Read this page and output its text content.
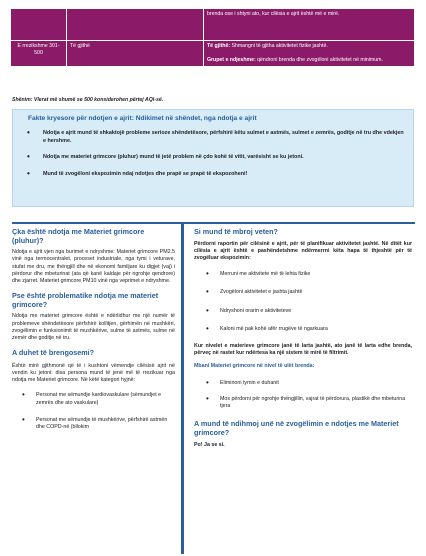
		brenda ose i shtyni ato, kur cilësia e ajrit është më e mirë.
E rrezikshme 301-500	Të gjithë	Të gjithë: Shmangni të gjitha aktivitetet fizike jashtë.
Grupet e ndjeshme: qëndroni brenda dhe zvogëloni aktivitetet në minimum.
Shënim: Vlerat më shumë se 500 konsiderohen përtej AQI-së.
Fakte kryesore për ndotjen e ajrit: Ndikimet në shëndet, nga ndotja e ajrit
• Ndotja e ajrit mund të shkaktojë probleme serioze shëndetësore, përfshirë këtu sulmet e astmës, sulmet e zemrës, goditje në tru dhe vdekjen e hershme.
• Ndotja me materiet grimcore (pluhur) mund të jetë problem në çdo kohë të vitit, varësisht se ku jetoni.
• Mund të zvogëloni ekspozimin ndaj ndotjes dhe prapë se prapë të ekspozoheni!
Çka është ndotja me Materiet grimcore (pluhur)?

Ndotja e ajrit vjen nga burimet e ndryshme: Materiet grimcore PM2.5 vinë nga termocentralet, proceset industriale, nga tymi i veturave, stufat me dru, me thëngjill dhe në ekonomi familjare ku digjet (vaj) i përdorur dhe mbeturinat (ata që kanë kaldaje për ngrohje qendrore) dhe zjarret. Materiet grimcore PM10 vinë nga veprimet e ndryshme.

Pse është problematike ndotja me materiet grimcore?

Ndotja me materiet grimcore është e ndërlidhur me një numër të problemeve shëndetësore përfshirë kollitjen, gërhimën në mushkëri, zvogëlimin e funksionimit të mushkërive, sulme të astmës, sulme në zemër dhe goditje në tru.

A duhet të brengosemi?

Është mirë gjithmonë që të i kushtoni vëmendje cilësisë ajrit në vendin ku jetoni: disa persona mund të jenë më të rrezikuar nga ndotja me Materiet grimcore. Në këtë kategori hyjnë:

• Personat me sëmundje kardiovaskulare (sëmundjet e zemrës dhe ato vaskulare)
• Personat me sëmundje të mushkërive, përfshirë astmën dhe COPD-në (bllokim
Si mund të mbroj veten?

Përdorni raportin për cilësinë e ajrit, për të planifikuar aktivitetet jashtë. Në ditët kur cilësia e ajrit është e pashëndetshme ndërmerrni këta hapa të thjeshtë për të zvogëluar ekspozimin:

• Merruni me aktivitete më të lehta fizike
• Zvogëloni aktivitetet e jashta jashtë
• Ndryshoni orarin e aktiviteteve
• Kaloni më pak kohë afër rrugëve të ngarkuara

Kur nivelet e materieve grimcore janë të larta jashtë, ato janë të larta edhe brenda, përveç në rastet kur ndërtesa ka një sistem të mirë të filtrimit.

Mbani Materiet grimcore në nivel të ulët brenda:

• Eliminoni tymin e duhanit
• Mos përdorni për ngrohje thëngjillin, vajrat të përdorura, plastikë dhe mbeturina tjera
A mund të ndihmoj unë në zvogëlimin e ndotjes me Materiet grimcore?

Po! Ja se si.
